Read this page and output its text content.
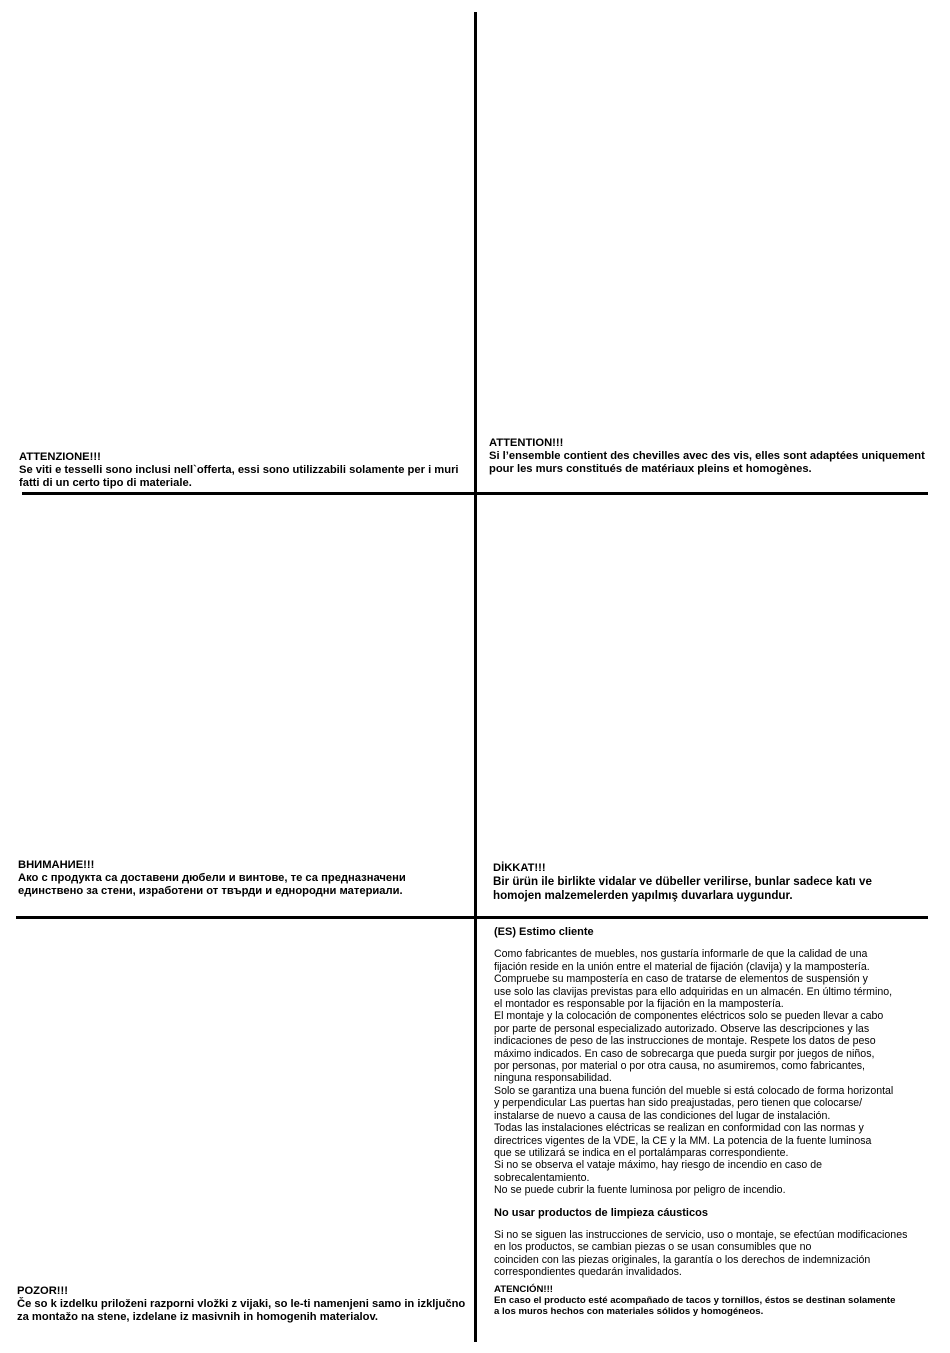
ATTENZIONE!!!
Se viti e tesselli sono inclusi nell`offerta, essi sono utilizzabili solamente per i muri fatti di un certo tipo di materiale.
ATTENTION!!!
Si l’ensemble contient des chevilles avec des vis, elles sont adaptées uniquement pour les murs constitués de matériaux pleins et homogènes.
ВНИМАНИЕ!!!
Ако с продукта са доставени дюбели и винтове, те са предназначени единствено за стени, изработени от твърди и еднородни материали.
DİKKAT!!!
Bir ürün ile birlikte vidalar ve dübeller verilirse, bunlar sadece katı ve homojen malzemelerden yapılmış duvarlara uygundur.
POZOR!!!
Če so k izdelku priloženi razporni vložki z vijaki, so le-ti namenjeni samo in izključno za montažo na stene, izdelane iz masivnih in homogenih materialov.
(ES) Estimo cliente
Como fabricantes de muebles, nos gustaría informarle de que la calidad de una
fijación reside en la unión entre el material de fijación (clavija) y la mampostería.
Compruebe su mampostería en caso de tratarse de elementos de suspensión y
use solo las clavijas previstas para ello adquiridas en un almacén. En último término,
el montador es responsable por la fijación en la mampostería.
El montaje y la colocación de componentes eléctricos solo se pueden llevar a cabo
por parte de personal especializado autorizado. Observe las descripciones y las
indicaciones de peso de las instrucciones de montaje. Respete los datos de peso
máximo indicados. En caso de sobrecarga que pueda surgir por juegos de niños,
por personas, por material o por otra causa, no asumiremos, como fabricantes,
ninguna responsabilidad.
Solo se garantiza una buena función del mueble si está colocado de forma horizontal
y perpendicular Las puertas han sido preajustadas, pero tienen que colocarse/
instalarse de nuevo a causa de las condiciones del lugar de instalación.
Todas las instalaciones eléctricas se realizan en conformidad con las normas y
directrices vigentes de la VDE, la CE y la MM. La potencia de la fuente luminosa
que se utilizará se indica en el portalámparas correspondiente.
Si no se observa el vataje máximo, hay riesgo de incendio en caso de
sobrecalentamiento.
No se puede cubrir la fuente luminosa por peligro de incendio.
No usar productos de limpieza cáusticos
Si no se siguen las instrucciones de servicio, uso o montaje, se efectúan modificaciones
en los productos, se cambian piezas o se usan consumibles que no
coinciden con las piezas originales, la garantía o los derechos de indemnización
correspondientes quedarán invalidados.
ATENCIÓN!!!
En caso el producto esté acompañado de tacos y tornillos, éstos se destinan solamente
a los muros hechos con materiales sólidos y homogéneos.
